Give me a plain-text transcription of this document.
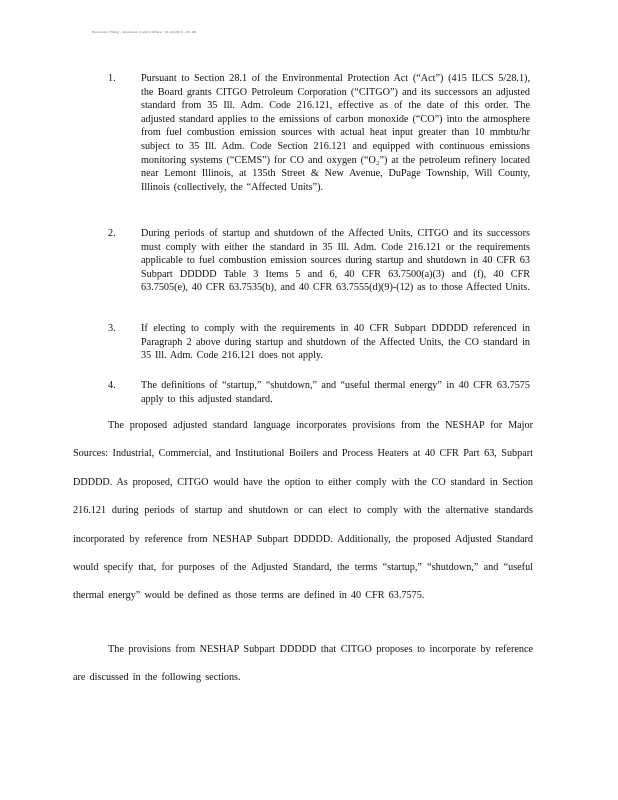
Electronic Filing - Received, Clerk's Office : 01/22/2016 - PC #8
1. Pursuant to Section 28.1 of the Environmental Protection Act (“Act”) (415 ILCS 5/28.1), the Board grants CITGO Petroleum Corporation (“CITGO”) and its successors an adjusted standard from 35 Ill. Adm. Code 216.121, effective as of the date of this order. The adjusted standard applies to the emissions of carbon monoxide (“CO”) into the atmosphere from fuel combustion emission sources with actual heat input greater than 10 mmbtu/hr subject to 35 Ill. Adm. Code Section 216.121 and equipped with continuous emissions monitoring systems (“CEMS”) for CO and oxygen (“O₂”) at the petroleum refinery located near Lemont Illinois, at 135th Street & New Avenue, DuPage Township, Will County, Illinois (collectively, the “Affected Units”).
2. During periods of startup and shutdown of the Affected Units, CITGO and its successors must comply with either the standard in 35 Ill. Adm. Code 216.121 or the requirements applicable to fuel combustion emission sources during startup and shutdown in 40 CFR 63 Subpart DDDDD Table 3 Items 5 and 6, 40 CFR 63.7500(a)(3) and (f), 40 CFR 63.7505(e), 40 CFR 63.7535(b), and 40 CFR 63.7555(d)(9)-(12) as to those Affected Units.
3. If electing to comply with the requirements in 40 CFR Subpart DDDDD referenced in Paragraph 2 above during startup and shutdown of the Affected Units, the CO standard in 35 Ill. Adm. Code 216.121 does not apply.
4. The definitions of “startup,” “shutdown,” and “useful thermal energy” in 40 CFR 63.7575 apply to this adjusted standard.
The proposed adjusted standard language incorporates provisions from the NESHAP for Major Sources: Industrial, Commercial, and Institutional Boilers and Process Heaters at 40 CFR Part 63, Subpart DDDDD. As proposed, CITGO would have the option to either comply with the CO standard in Section 216.121 during periods of startup and shutdown or can elect to comply with the alternative standards incorporated by reference from NESHAP Subpart DDDDD. Additionally, the proposed Adjusted Standard would specify that, for purposes of the Adjusted Standard, the terms “startup,” “shutdown,” and “useful thermal energy” would be defined as those terms are defined in 40 CFR 63.7575.
The provisions from NESHAP Subpart DDDDD that CITGO proposes to incorporate by reference are discussed in the following sections.
